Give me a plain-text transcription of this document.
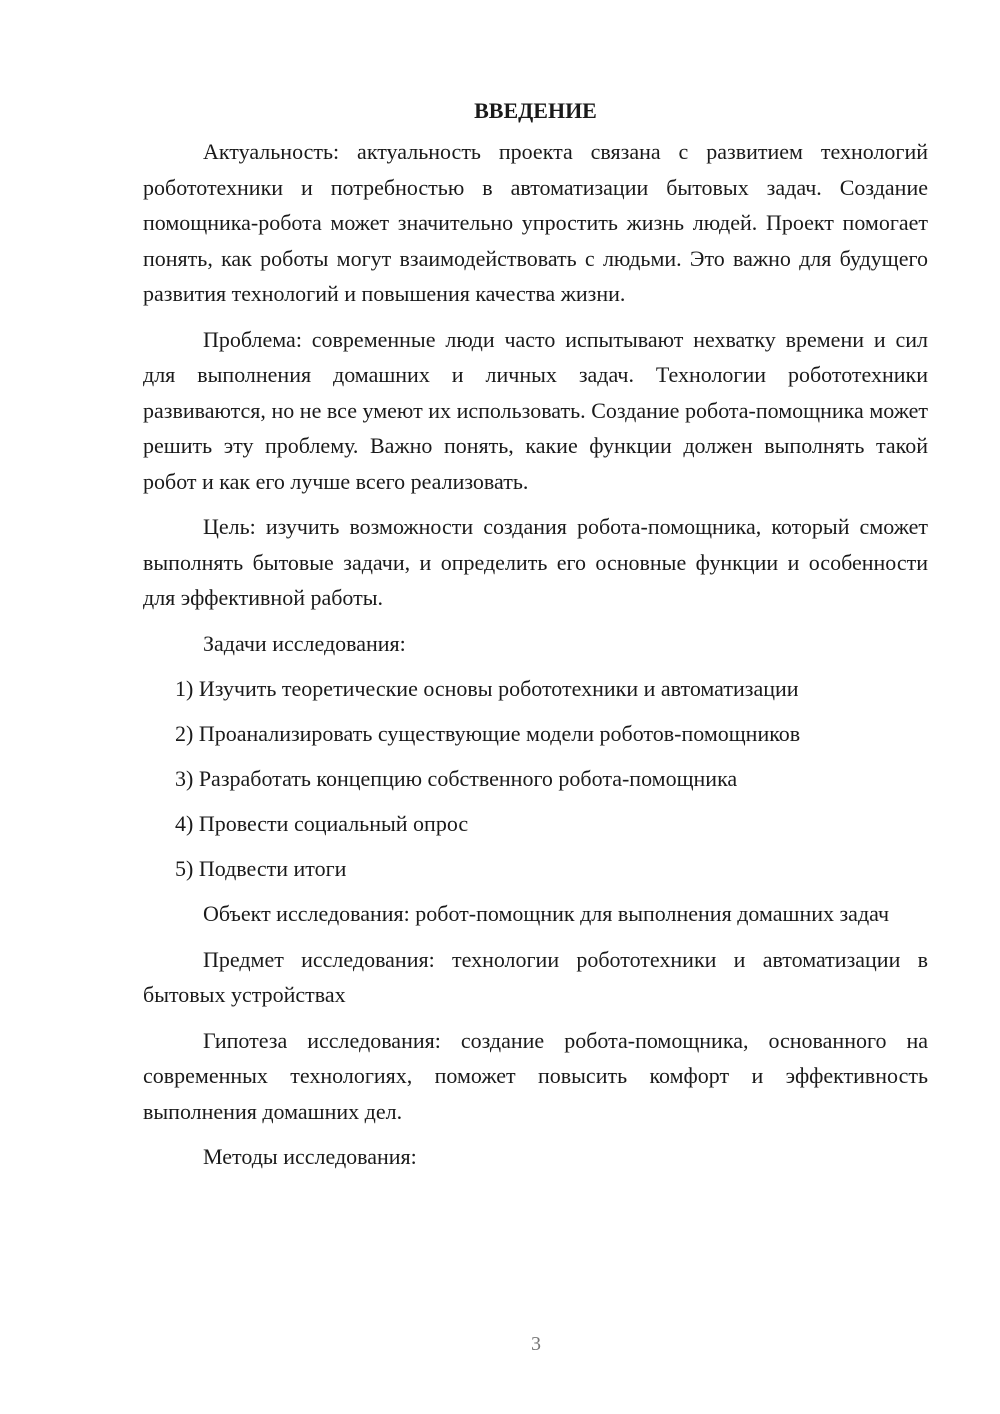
ВВЕДЕНИЕ

Актуальность: актуальность проекта связана с развитием технологий робототехники и потребностью в автоматизации бытовых задач. Создание помощника-робота может значительно упростить жизнь людей. Проект помогает понять, как роботы могут взаимодействовать с людьми. Это важно для будущего развития технологий и повышения качества жизни.

Проблема: современные люди часто испытывают нехватку времени и сил для выполнения домашних и личных задач. Технологии робототехники развиваются, но не все умеют их использовать. Создание робота-помощника может решить эту проблему. Важно понять, какие функции должен выполнять такой робот и как его лучше всего реализовать.

Цель: изучить возможности создания робота-помощника, который сможет выполнять бытовые задачи, и определить его основные функции и особенности для эффективной работы.

Задачи исследования:

1) Изучить теоретические основы робототехники и автоматизации
2) Проанализировать существующие модели роботов-помощников
3) Разработать концепцию собственного робота-помощника
4) Провести социальный опрос
5) Подвести итоги

Объект исследования: робот-помощник для выполнения домашних задач

Предмет исследования: технологии робототехники и автоматизации в бытовых устройствах

Гипотеза исследования: создание робота-помощника, основанного на современных технологиях, поможет повысить комфорт и эффективность выполнения домашних дел.

Методы исследования:

3
